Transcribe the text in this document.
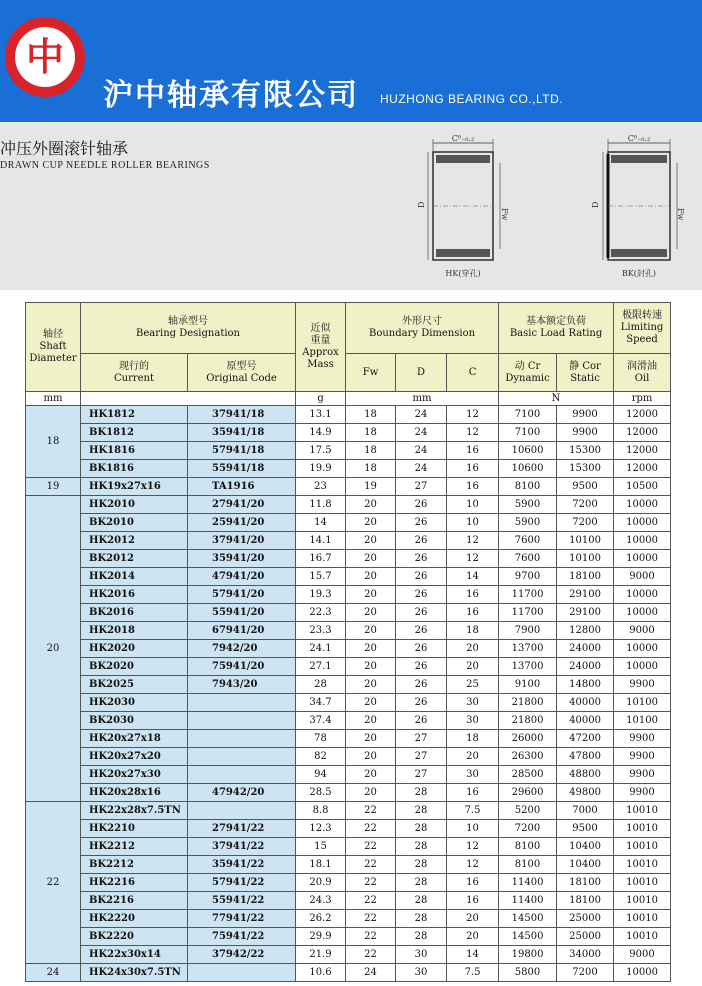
中
沪中轴承有限公司 HUZHONG BEARING CO.,LTD.
冲压外圈滚针轴承
DRAWN CUP NEEDLE ROLLER BEARINGS
C⁰₋₀.₂
D
Fw
HK(穿孔)
C⁰₋₀.₂
D
Fw
BK(封孔)
轴径
Shaft
Diameter	轴承型号
Bearing Designation		近似
重量
Approx
Mass	外形尺寸
Boundary Dimension			基本额定负荷
Basic Load Rating		极限转速
Limiting
Speed
	现行的
Current	原型号
Original Code		Fw	D	C	动 Cr
Dynamic	静 Cor
Static	润滑油
Oil
mm			g	mm			N		rpm
18	HK1812	37941/18	13.1	18	24	12	7100	9900	12000
	BK1812	35941/18	14.9	18	24	12	7100	9900	12000
	HK1816	57941/18	17.5	18	24	16	10600	15300	12000
	BK1816	55941/18	19.9	18	24	16	10600	15300	12000
19	HK19x27x16	TA1916	23	19	27	16	8100	9500	10500
20	HK2010	27941/20	11.8	20	26	10	5900	7200	10000
	BK2010	25941/20	14	20	26	10	5900	7200	10000
	HK2012	37941/20	14.1	20	26	12	7600	10100	10000
	BK2012	35941/20	16.7	20	26	12	7600	10100	10000
	HK2014	47941/20	15.7	20	26	14	9700	18100	9000
	HK2016	57941/20	19.3	20	26	16	11700	29100	10000
	BK2016	55941/20	22.3	20	26	16	11700	29100	10000
	HK2018	67941/20	23.3	20	26	18	7900	12800	9000
	HK2020	7942/20	24.1	20	26	20	13700	24000	10000
	BK2020	75941/20	27.1	20	26	20	13700	24000	10000
	BK2025	7943/20	28	20	26	25	9100	14800	9900
	HK2030		34.7	20	26	30	21800	40000	10100
	BK2030		37.4	20	26	30	21800	40000	10100
	HK20x27x18		78	20	27	18	26000	47200	9900
	HK20x27x20		82	20	27	20	26300	47800	9900
	HK20x27x30		94	20	27	30	28500	48800	9900
	HK20x28x16	47942/20	28.5	20	28	16	29600	49800	9900
22	HK22x28x7.5TN		8.8	22	28	7.5	5200	7000	10010
	HK2210	27941/22	12.3	22	28	10	7200	9500	10010
	HK2212	37941/22	15	22	28	12	8100	10400	10010
	BK2212	35941/22	18.1	22	28	12	8100	10400	10010
	HK2216	57941/22	20.9	22	28	16	11400	18100	10010
	BK2216	55941/22	24.3	22	28	16	11400	18100	10010
	HK2220	77941/22	26.2	22	28	20	14500	25000	10010
	BK2220	75941/22	29.9	22	28	20	14500	25000	10010
	HK22x30x14	37942/22	21.9	22	30	14	19800	34000	9000
24	HK24x30x7.5TN		10.6	24	30	7.5	5800	7200	10000
